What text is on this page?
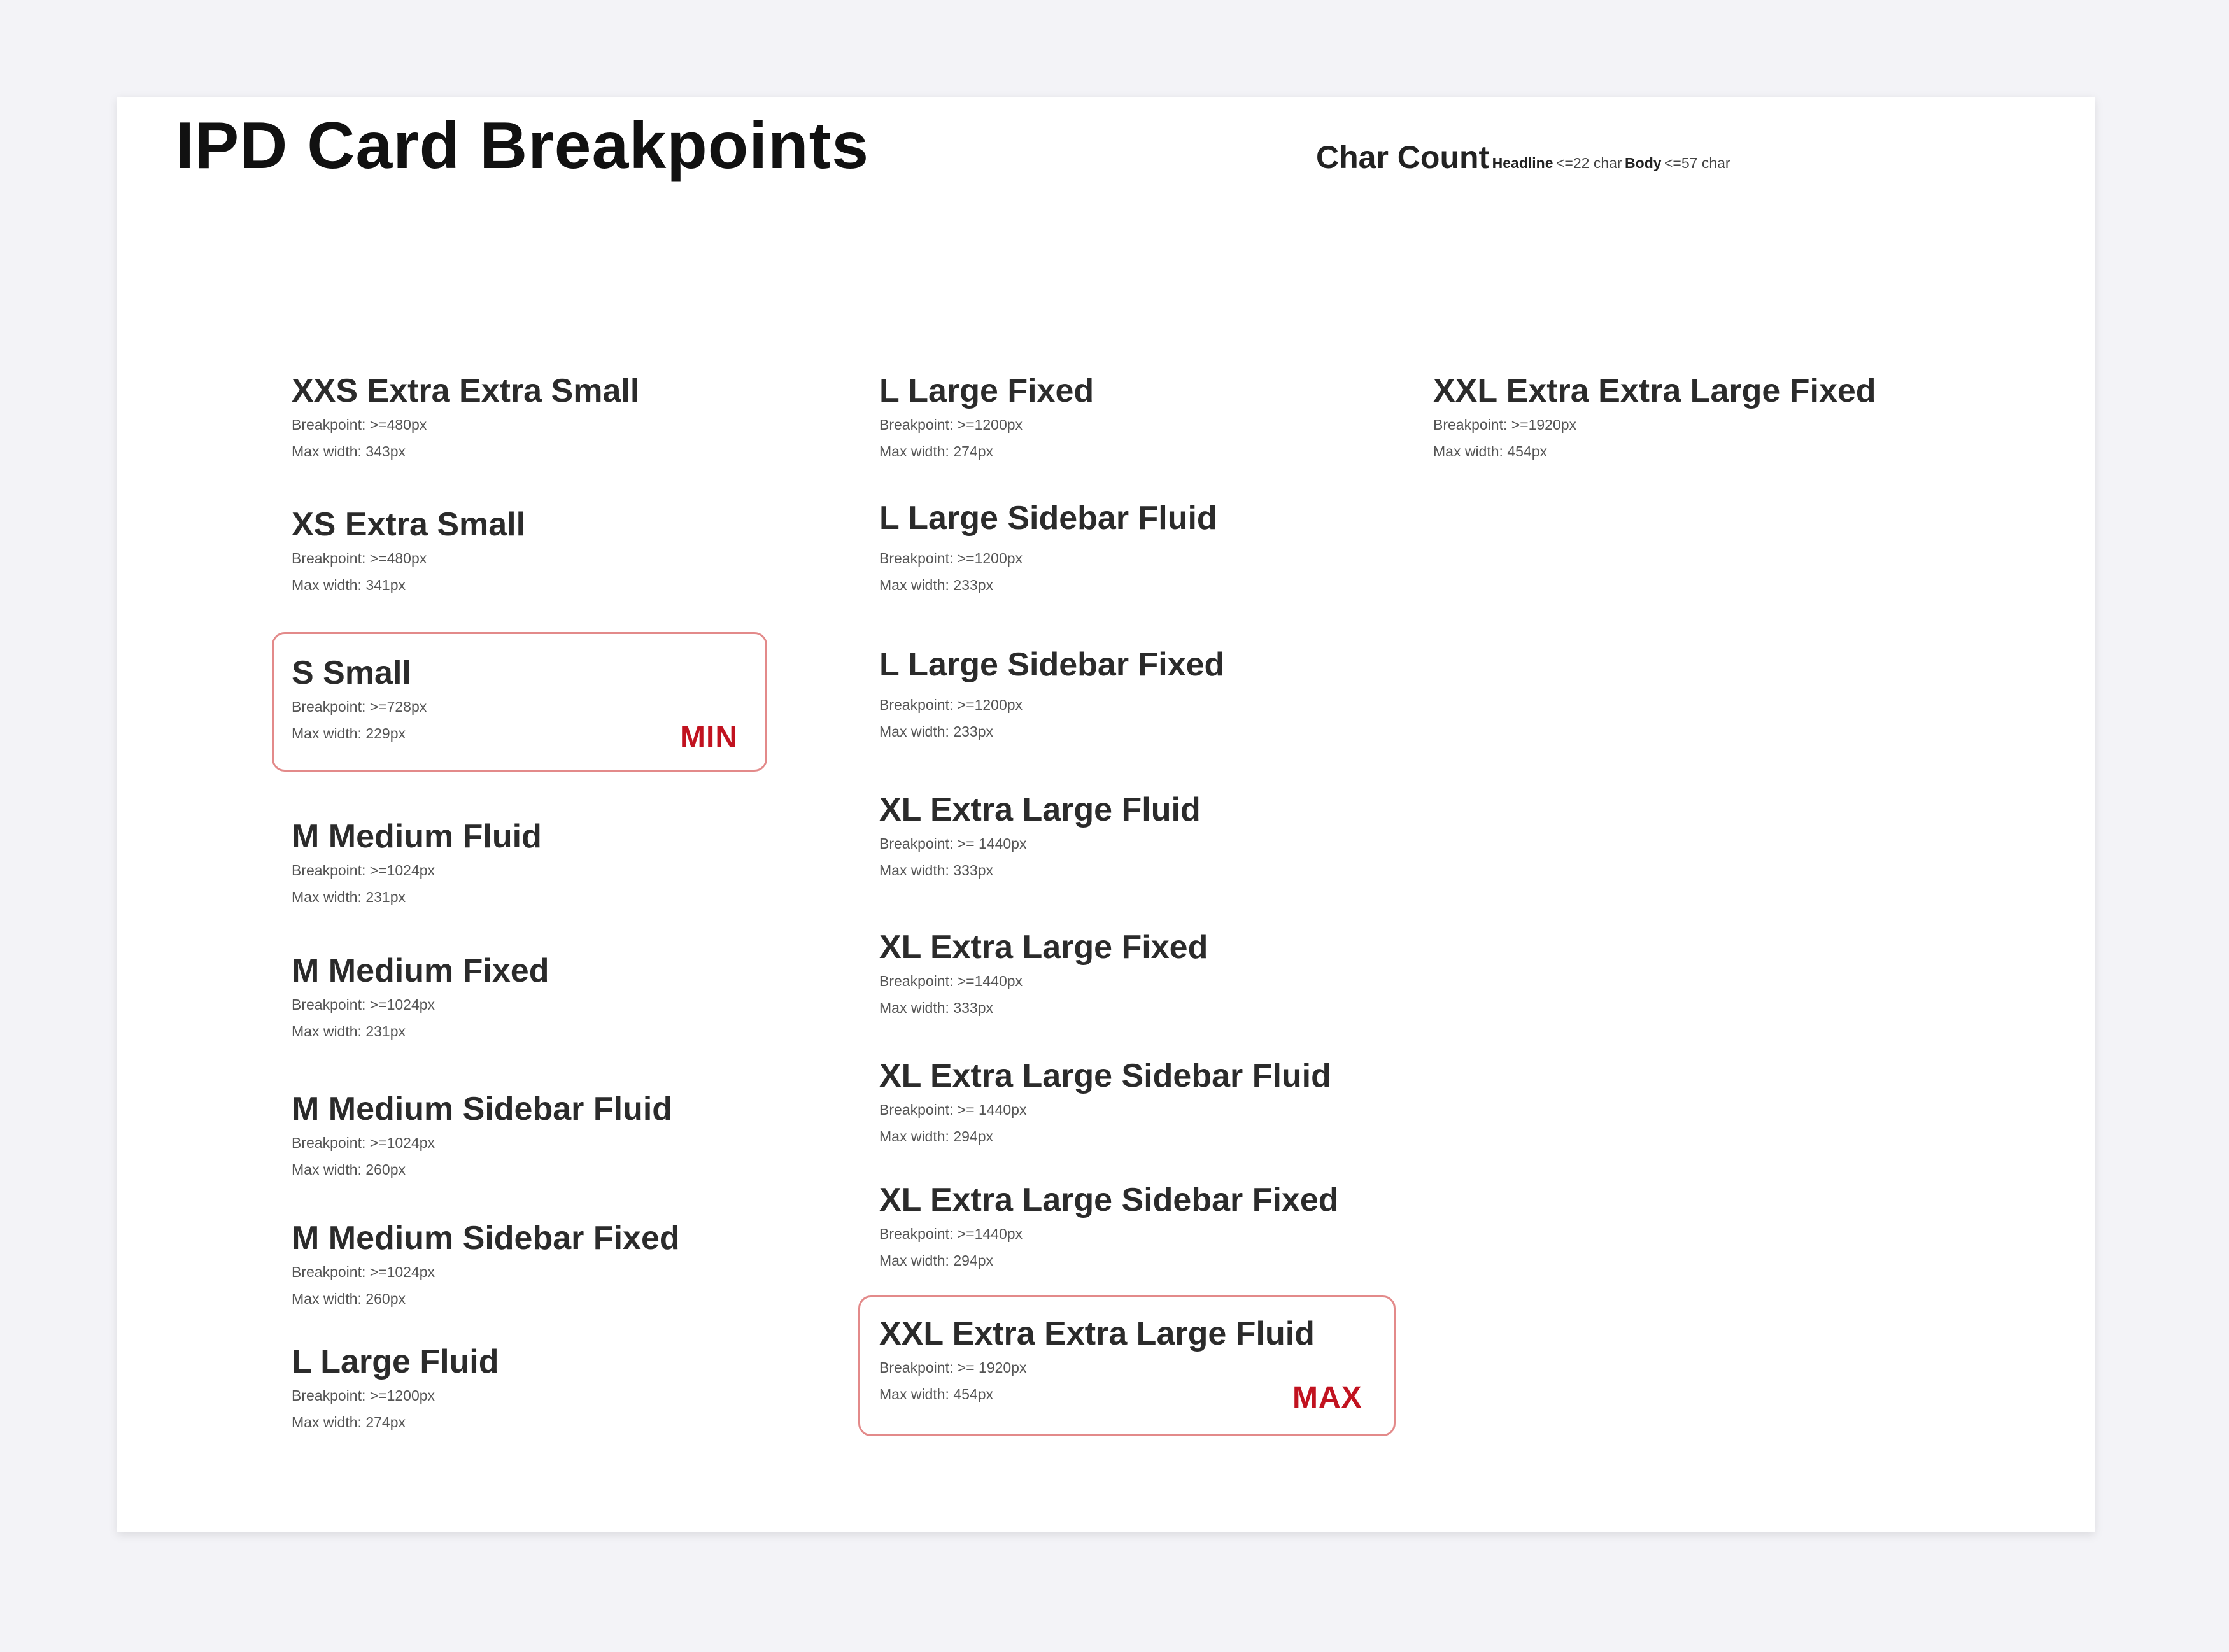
IPD Card Breakpoints	Char Count Headline <=22 char Body <=57 char
XXS Extra Extra Small
Breakpoint: >=480px
Max width: 343px
XS Extra Small
Breakpoint: >=480px
Max width: 341px
S Small
Breakpoint: >=728px
Max width: 229px	MIN
M Medium Fluid
Breakpoint: >=1024px
Max width: 231px
M Medium Fixed
Breakpoint: >=1024px
Max width: 231px
M Medium Sidebar Fluid
Breakpoint: >=1024px
Max width: 260px
M Medium Sidebar Fixed
Breakpoint: >=1024px
Max width: 260px
L Large Fluid
Breakpoint: >=1200px
Max width: 274px
L Large Fixed
Breakpoint: >=1200px
Max width: 274px
L Large Sidebar Fluid
Breakpoint: >=1200px
Max width: 233px
L Large Sidebar Fixed
Breakpoint: >=1200px
Max width: 233px
XL Extra Large Fluid
Breakpoint: >= 1440px
Max width: 333px
XL Extra Large Fixed
Breakpoint: >=1440px
Max width: 333px
XL Extra Large Sidebar Fluid
Breakpoint: >= 1440px
Max width: 294px
XL Extra Large Sidebar Fixed
Breakpoint: >=1440px
Max width: 294px
XXL Extra Extra Large Fluid
Breakpoint: >= 1920px
Max width: 454px	MAX
XXL Extra Extra Large Fixed
Breakpoint: >=1920px
Max width: 454px
